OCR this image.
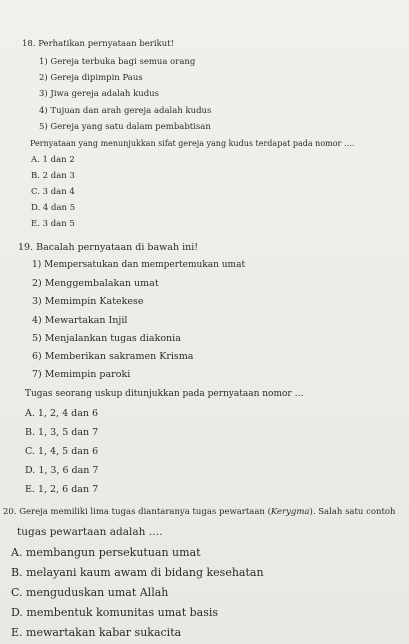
18. Perhatikan pernyataan berikut!
1) Gereja terbuka bagi semua orang
2) Gereja dipimpin Paus
3) Jiwa gereja adalah kudus
4) Tujuan dan arah gereja adalah kudus
5) Gereja yang satu dalam pembabtisan
Pernyataan yang menunjukkan sifat gereja yang kudus terdapat pada nomor ….
A. 1 dan 2
B. 2 dan 3
C. 3 dan 4
D. 4 dan 5
E. 3 dan 5
19. Bacalah pernyataan di bawah ini!
1) Mempersatukan dan mempertemukan umat
2) Menggembalakan umat
3) Memimpin Katekese
4) Mewartakan Injil
5) Menjalankan tugas diakonia
6) Memberikan sakramen Krisma
7) Memimpin paroki
Tugas seorang uskup ditunjukkan pada pernyataan nomor …
A. 1, 2, 4 dan 6
B. 1, 3, 5 dan 7
C. 1, 4, 5 dan 6
D. 1, 3, 6 dan 7
E. 1, 2, 6 dan 7
20. Gereja memiliki lima tugas diantaranya tugas pewartaan (Kerygma). Salah satu contoh
tugas pewartaan adalah ….
A. membangun persekutuan umat
B. melayani kaum awam di bidang kesehatan
C. menguduskan umat Allah
D. membentuk komunitas umat basis
E. mewartakan kabar sukacita
